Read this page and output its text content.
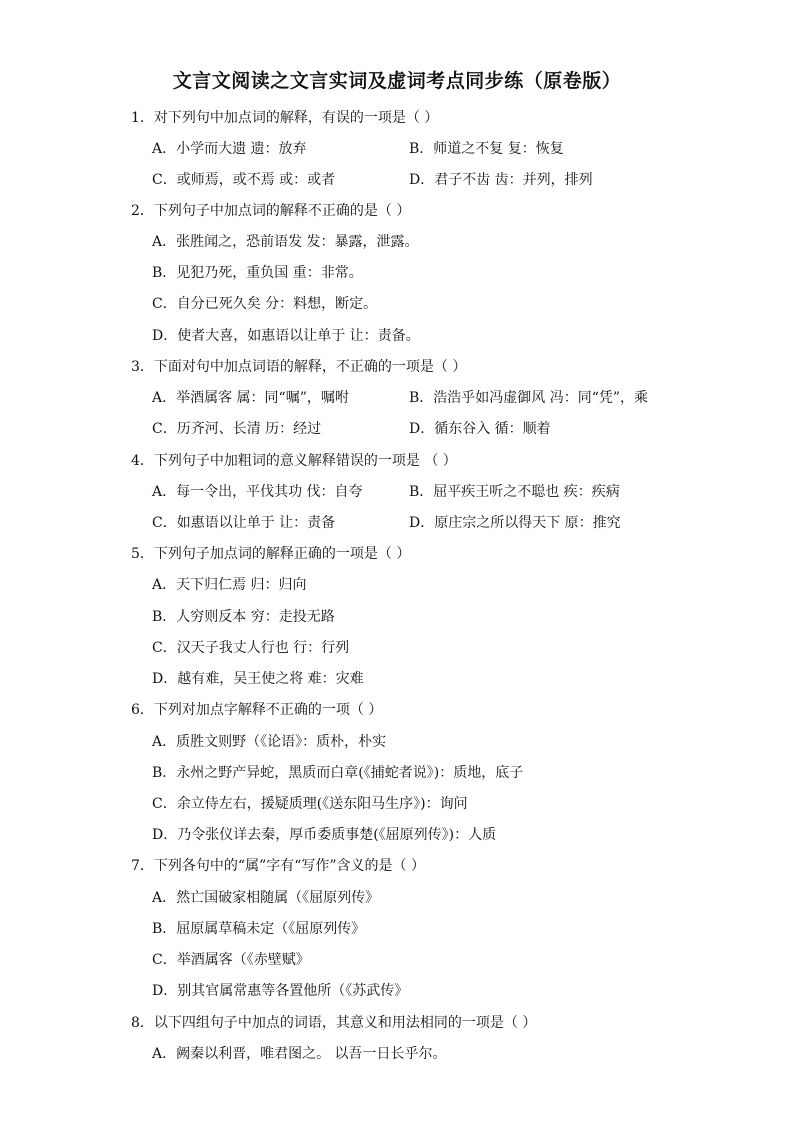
文言文阅读之文言实词及虚词考点同步练（原卷版）
1．对下列句中加点词的解释，有误的一项是（ ）
A．小学而大遗 遗：放弃	B．师道之不复 复：恢复
C．或师焉，或不焉 或：或者	D．君子不齿 齿：并列，排列
2．下列句子中加点词的解释不正确的是（ ）
A．张胜闻之，恐前语发 发：暴露，泄露。
B．见犯乃死，重负国 重：非常。
C．自分已死久矣 分：料想，断定。
D．使者大喜，如惠语以让单于 让：责备。
3．下面对句中加点词语的解释，不正确的一项是（ ）
A．举酒属客 属：同“嘱”，嘱咐	B．浩浩乎如冯虚御风 冯：同“凭”，乘
C．历齐河、长清 历：经过	D．循东谷入 循：顺着
4．下列句子中加粗词的意义解释错误的一项是 （ ）
A．每一令出，平伐其功 伐：自夸	B．屈平疾王听之不聪也 疾：疾病
C．如惠语以让单于 让：责备	D．原庄宗之所以得天下 原：推究
5．下列句子加点词的解释正确的一项是（ ）
A．天下归仁焉 归：归向
B．人穷则反本 穷：走投无路
C．汉天子我丈人行也 行：行列
D．越有难，吴王使之将 难：灾难
6．下列对加点字解释不正确的一项（ ）
A．质胜文则野（《论语》：质朴，朴实
B．永州之野产异蛇，黑质而白章(《捕蛇者说》)：质地，底子
C．余立侍左右，援疑质理(《送东阳马生序》)：询问
D．乃令张仪详去秦，厚币委质事楚(《屈原列传》)：人质
7．下列各句中的“属”字有“写作”含义的是（ ）
A．然亡国破家相随属（《屈原列传》
B．屈原属草稿未定（《屈原列传》
C．举酒属客（《赤壁赋》
D．别其官属常惠等各置他所（《苏武传》
8．以下四组句子中加点的词语，其意义和用法相同的一项是（ ）
A．阙秦以利晋，唯君图之。 以吾一日长乎尔。
